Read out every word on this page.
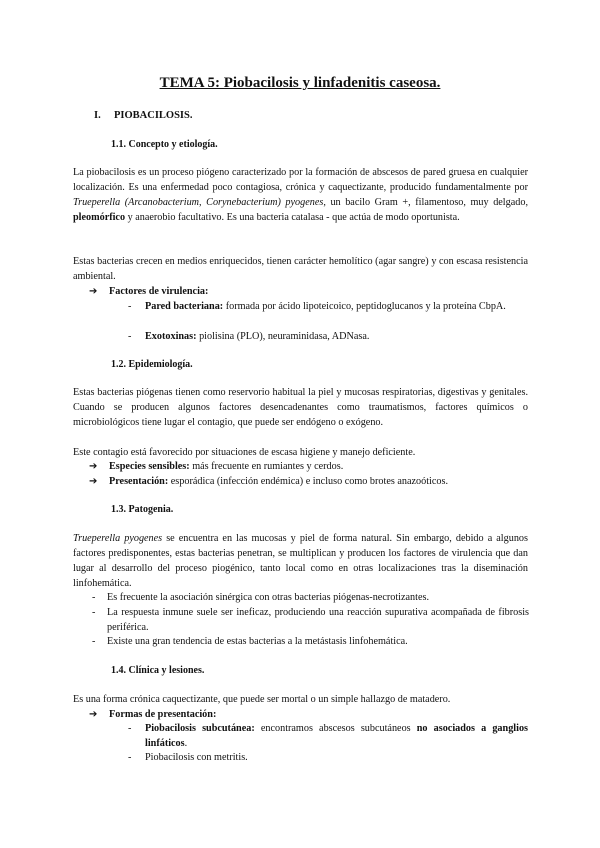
TEMA 5: Piobacilosis y linfadenitis caseosa.
I. PIOBACILOSIS.
1.1. Concepto y etiología.

La piobacilosis es un proceso piógeno caracterizado por la formación de abscesos de pared gruesa en cualquier localización. Es una enfermedad poco contagiosa, crónica y caquectizante, producido fundamentalmente por Trueperella (Arcanobacterium, Corynebacterium) pyogenes, un bacilo Gram +, filamentoso, muy delgado, pleomórfico y anaerobio facultativo. Es una bacteria catalasa - que actúa de modo oportunista.

Estas bacterias crecen en medios enriquecidos, tienen carácter hemolítico (agar sangre) y con escasa resistencia ambiental.

➔ Factores de virulencia:
- Pared bacteriana: formada por ácido lipoteicoico, peptidoglucanos y la proteína CbpA.
- Exotoxinas: piolisina (PLO), neuraminidasa, ADNasa.
1.2. Epidemiología.

Estas bacterias piógenas tienen como reservorio habitual la piel y mucosas respiratorias, digestivas y genitales. Cuando se producen algunos factores desencadenantes como traumatismos, factores químicos o microbiológicos tiene lugar el contagio, que puede ser endógeno o exógeno.

Este contagio está favorecido por situaciones de escasa higiene y manejo deficiente.

➔ Especies sensibles: más frecuente en rumiantes y cerdos.
➔ Presentación: esporádica (infección endémica) e incluso como brotes anazoóticos.
1.3. Patogenia.

Trueperella pyogenes se encuentra en las mucosas y piel de forma natural. Sin embargo, debido a algunos factores predisponentes, estas bacterias penetran, se multiplican y producen los factores de virulencia que dan lugar al desarrollo del proceso piogénico, tanto local como en otras localizaciones tras la diseminación linfohemática.

- Es frecuente la asociación sinérgica con otras bacterias piógenas-necrotizantes.
- La respuesta inmune suele ser ineficaz, produciendo una reacción supurativa acompañada de fibrosis periférica.
- Existe una gran tendencia de estas bacterias a la metástasis linfohemática.
1.4. Clínica y lesiones.

Es una forma crónica caquectizante, que puede ser mortal o un simple hallazgo de matadero.

➔ Formas de presentación:
- Piobacilosis subcutánea: encontramos abscesos subcutáneos no asociados a ganglios linfáticos.
- Piobacilosis con metritis.
